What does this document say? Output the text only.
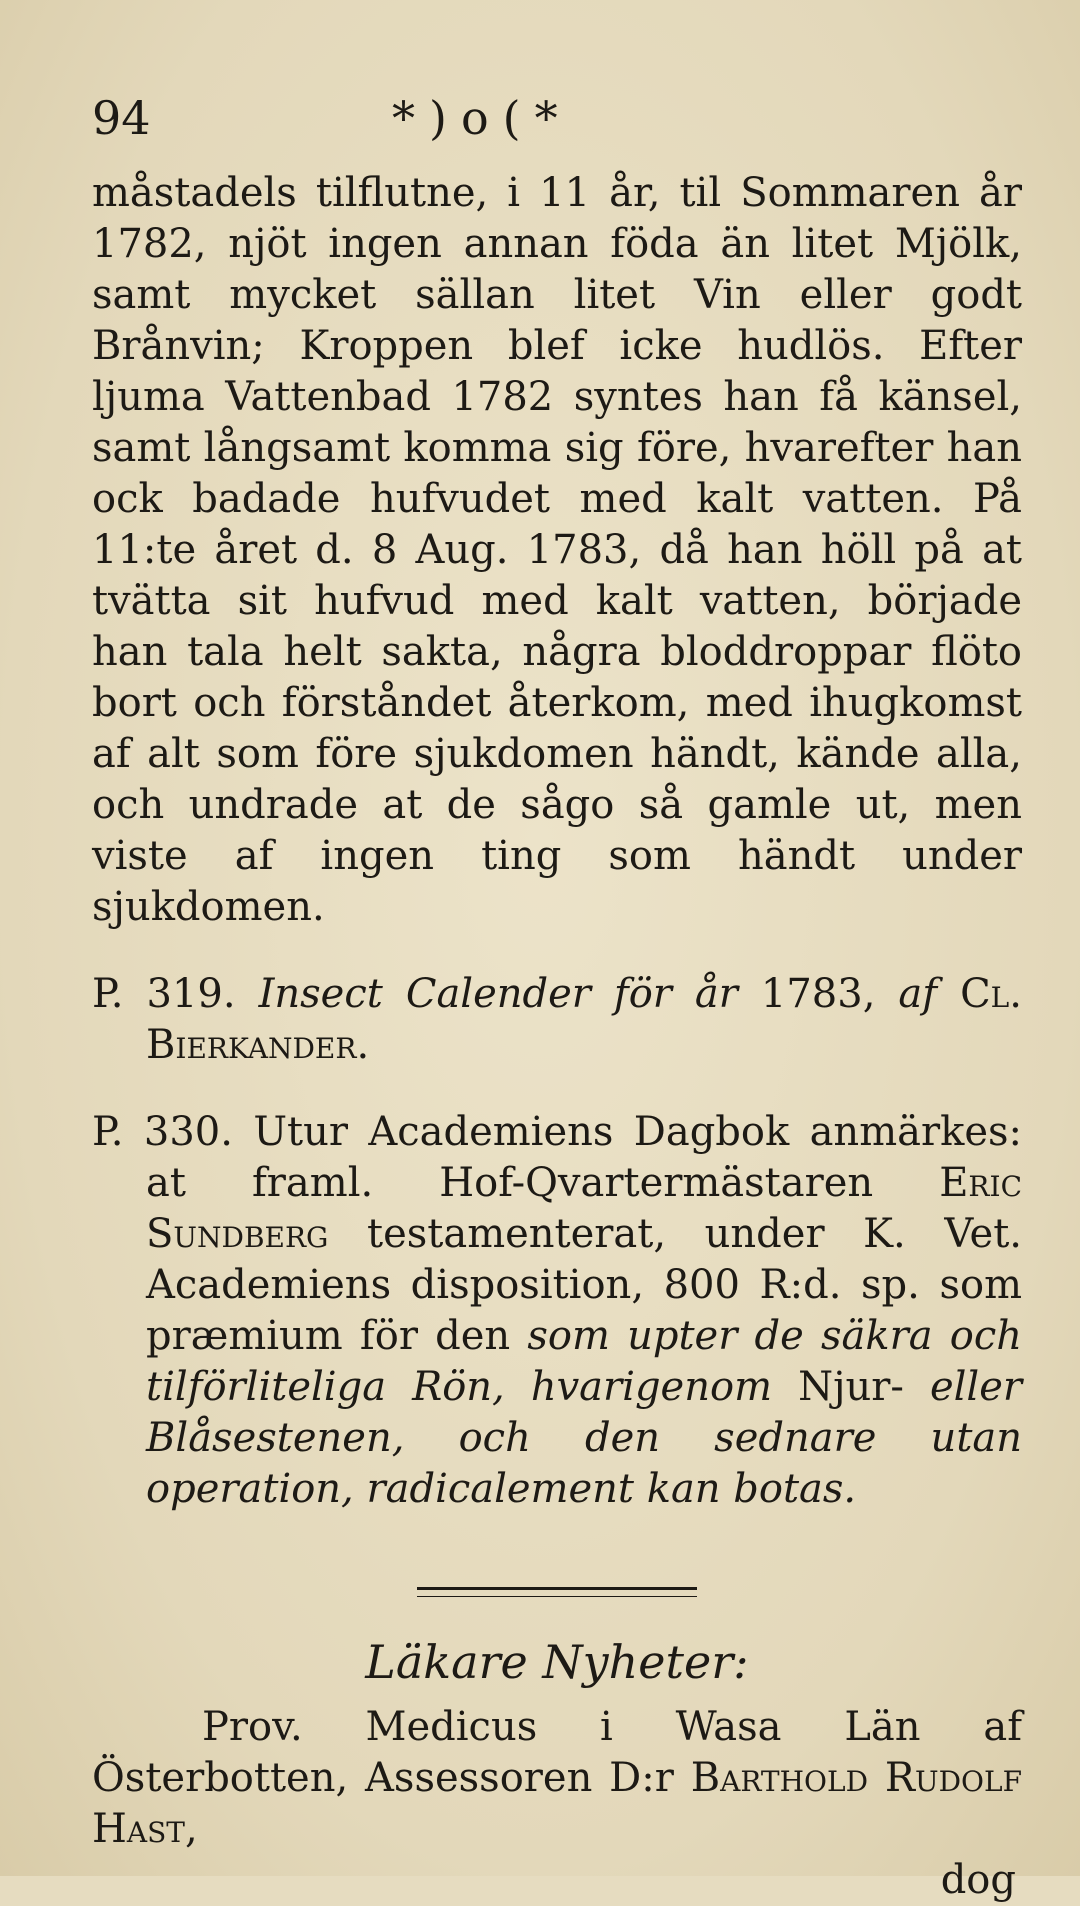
94	*)o(*

måstadels tilflutne, i 11 år, til Sommaren år 1782, njöt ingen annan föda än litet Mjölk, samt mycket sällan litet Vin eller godt Brånvin; Kroppen blef icke hudlös. Efter ljuma Vattenbad 1782 syntes han få känsel, samt långsamt komma sig före, hvarefter han ock badade hufvudet med kalt vatten. På 11:te året d. 8 Aug. 1783, då han höll på at tvätta sit hufvud med kalt vatten, började han tala helt sakta, några bloddroppar flöto bort och förståndet återkom, med ihugkomst af alt som före sjukdomen händt, kände alla, och undrade at de sågo så gamle ut, men viste af ingen ting som händt under sjukdomen.

P. 319. Insect Calender för år 1783, af Cl. Bierkander.

P. 330. Utur Academiens Dagbok anmärkes: at framl. Hof-Qvartermästaren Eric Sundberg testamenterat, under K. Vet. Academiens disposition, 800 R:d. sp. som præmium för den som upter de säkra och tilförliteliga Rön, hvarigenom Njur- eller Blåsestenen, och den sednare utan operation, radicalement kan botas.

Läkare Nyheter:

Prov. Medicus i Wasa Län af Österbotten, Assessoren D:r Barthold Rudolf Hast,

dog
